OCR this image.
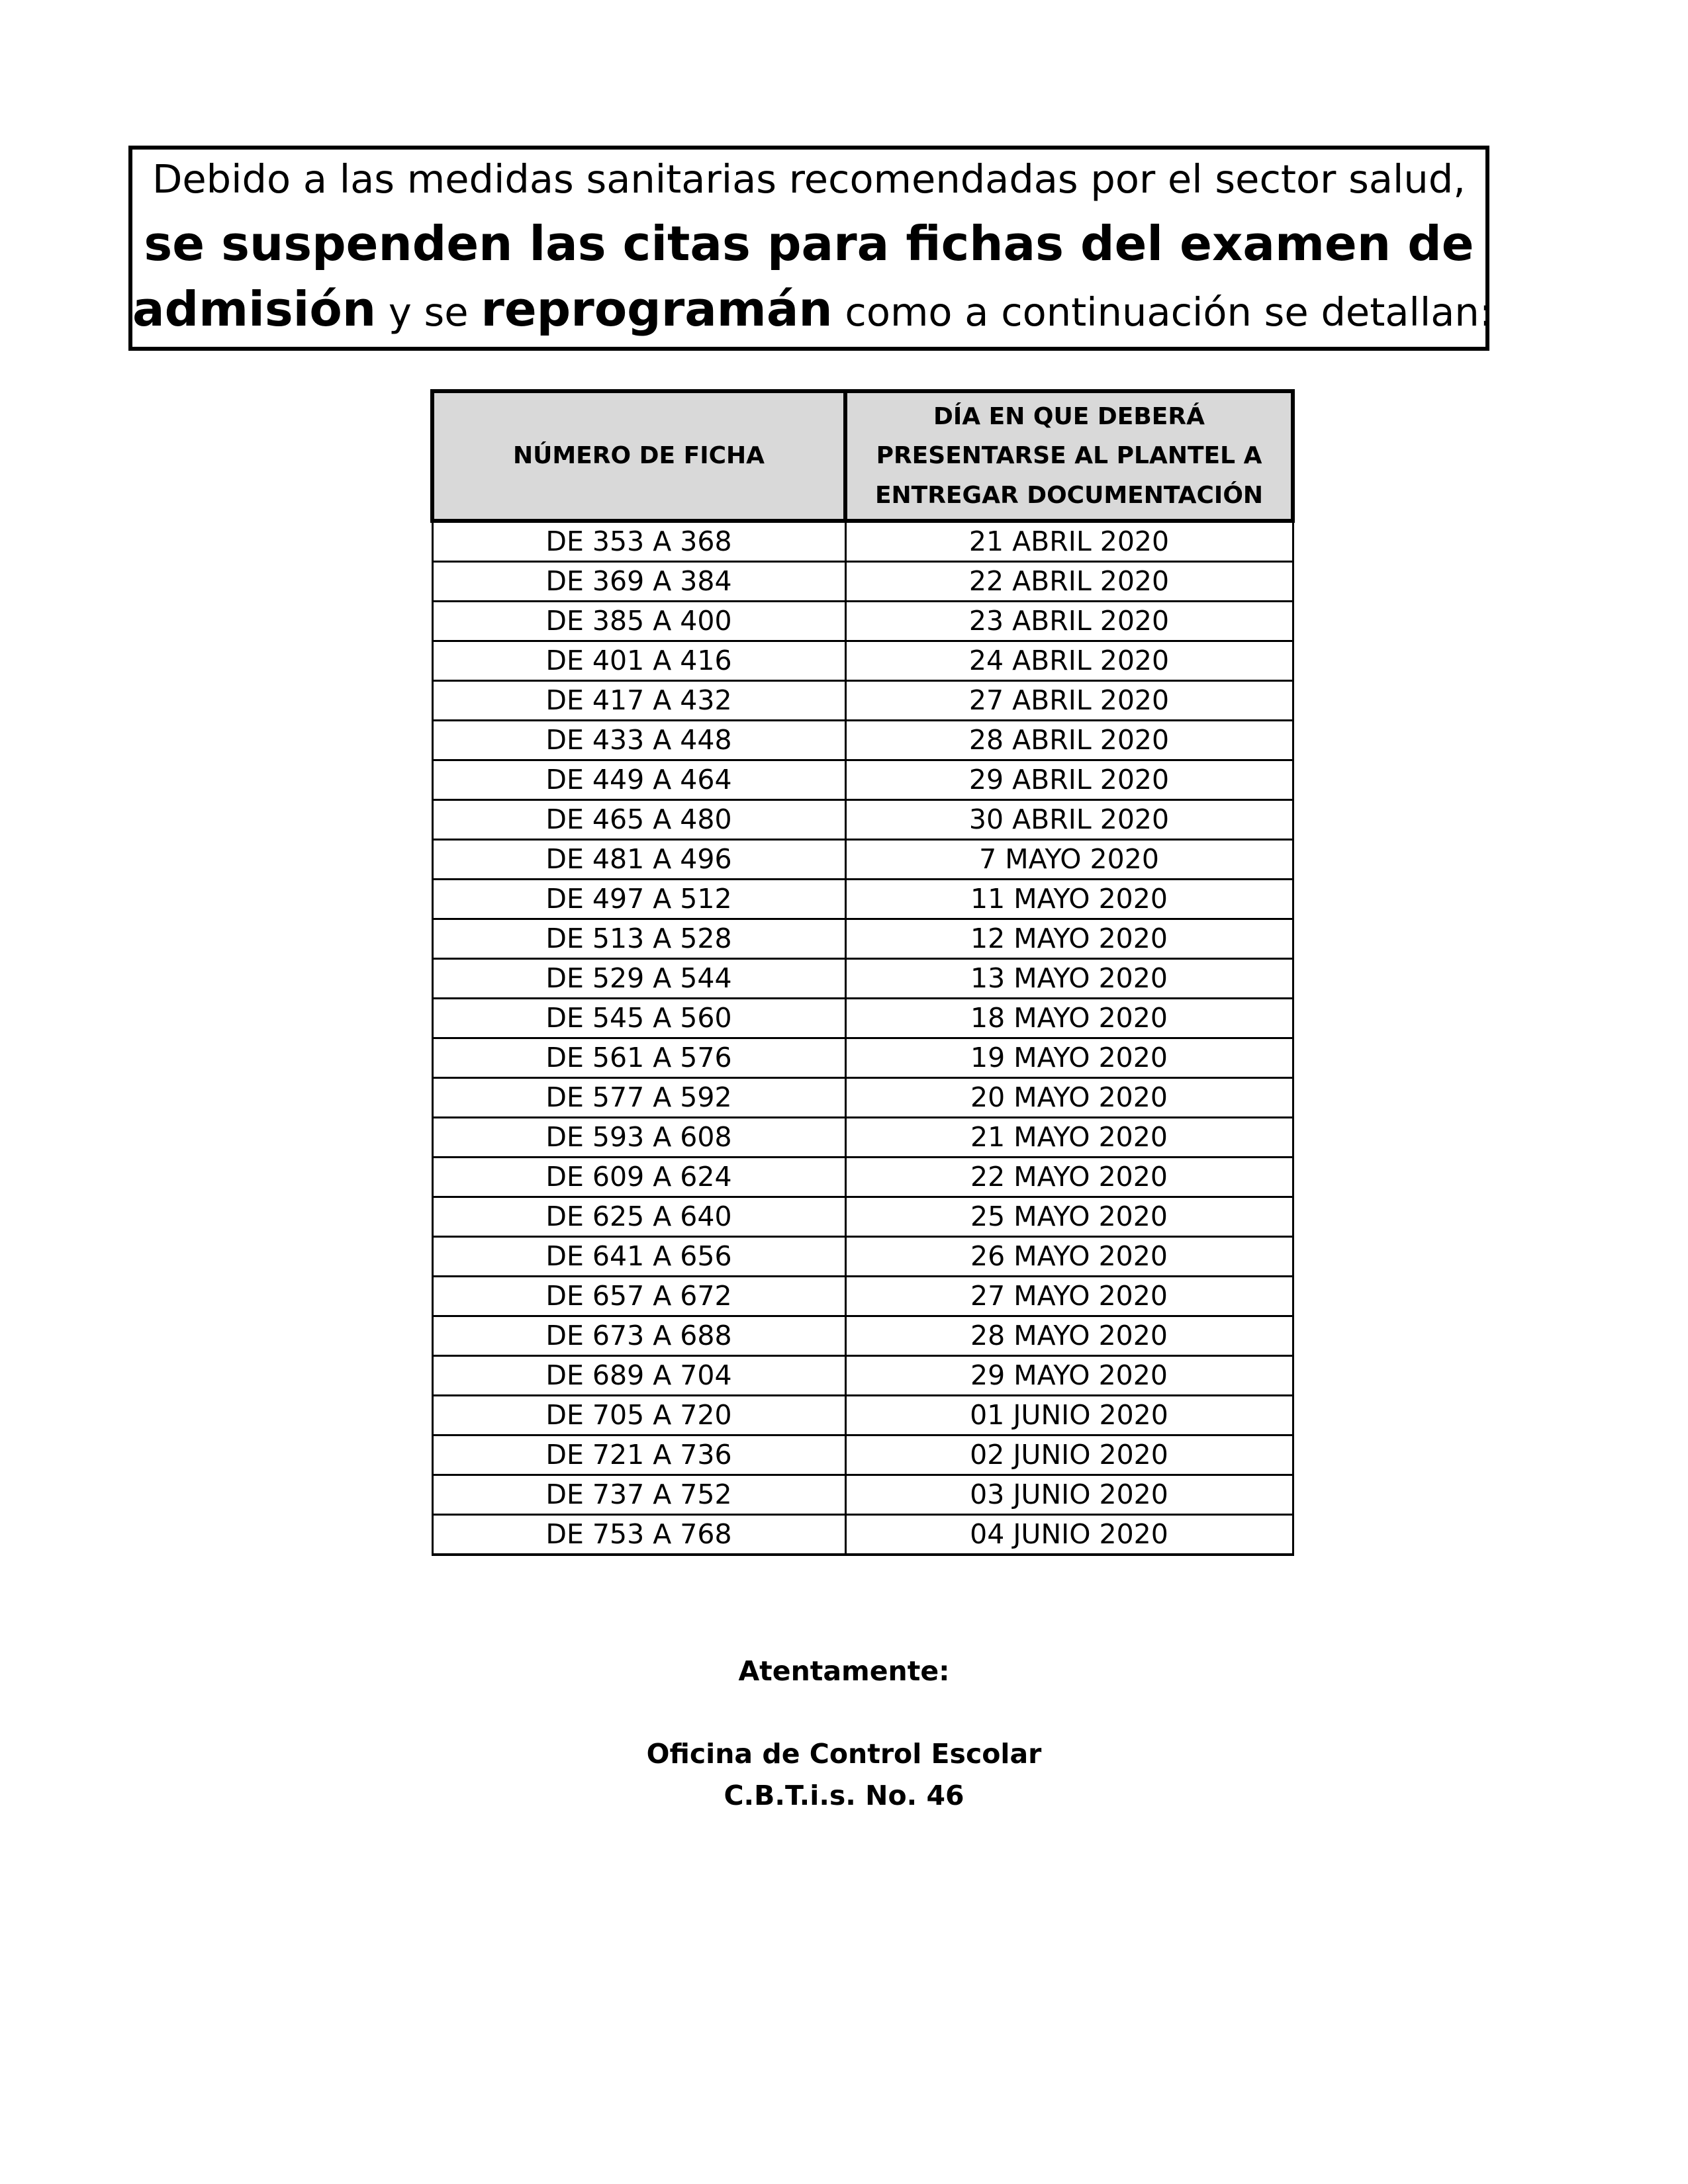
Debido a las medidas sanitarias recomendadas por el sector salud,
se suspenden las citas para fichas del examen de
admisión y se reprogramán como a continuación se detallan:
NÚMERO DE FICHA	DÍA EN QUE DEBERÁ
PRESENTARSE AL PLANTEL A
ENTREGAR DOCUMENTACIÓN
DE 353 A 368	21 ABRIL 2020
DE 369 A 384	22 ABRIL 2020
DE 385 A 400	23 ABRIL 2020
DE 401 A 416	24 ABRIL 2020
DE 417 A 432	27 ABRIL 2020
DE 433 A 448	28 ABRIL 2020
DE 449 A 464	29 ABRIL 2020
DE 465 A 480	30 ABRIL 2020
DE 481 A 496	7 MAYO 2020
DE 497 A 512	11 MAYO 2020
DE 513 A 528	12 MAYO 2020
DE 529 A 544	13 MAYO 2020
DE 545 A 560	18 MAYO 2020
DE 561 A 576	19 MAYO 2020
DE 577 A 592	20 MAYO 2020
DE 593 A 608	21 MAYO 2020
DE 609 A 624	22 MAYO 2020
DE 625 A 640	25 MAYO 2020
DE 641 A 656	26 MAYO 2020
DE 657 A 672	27 MAYO 2020
DE 673 A 688	28 MAYO 2020
DE 689 A 704	29 MAYO 2020
DE 705 A 720	01 JUNIO 2020
DE 721 A 736	02 JUNIO 2020
DE 737 A 752	03 JUNIO 2020
DE 753 A 768	04 JUNIO 2020
Atentamente:
Oficina de Control Escolar
C.B.T.i.s. No. 46
